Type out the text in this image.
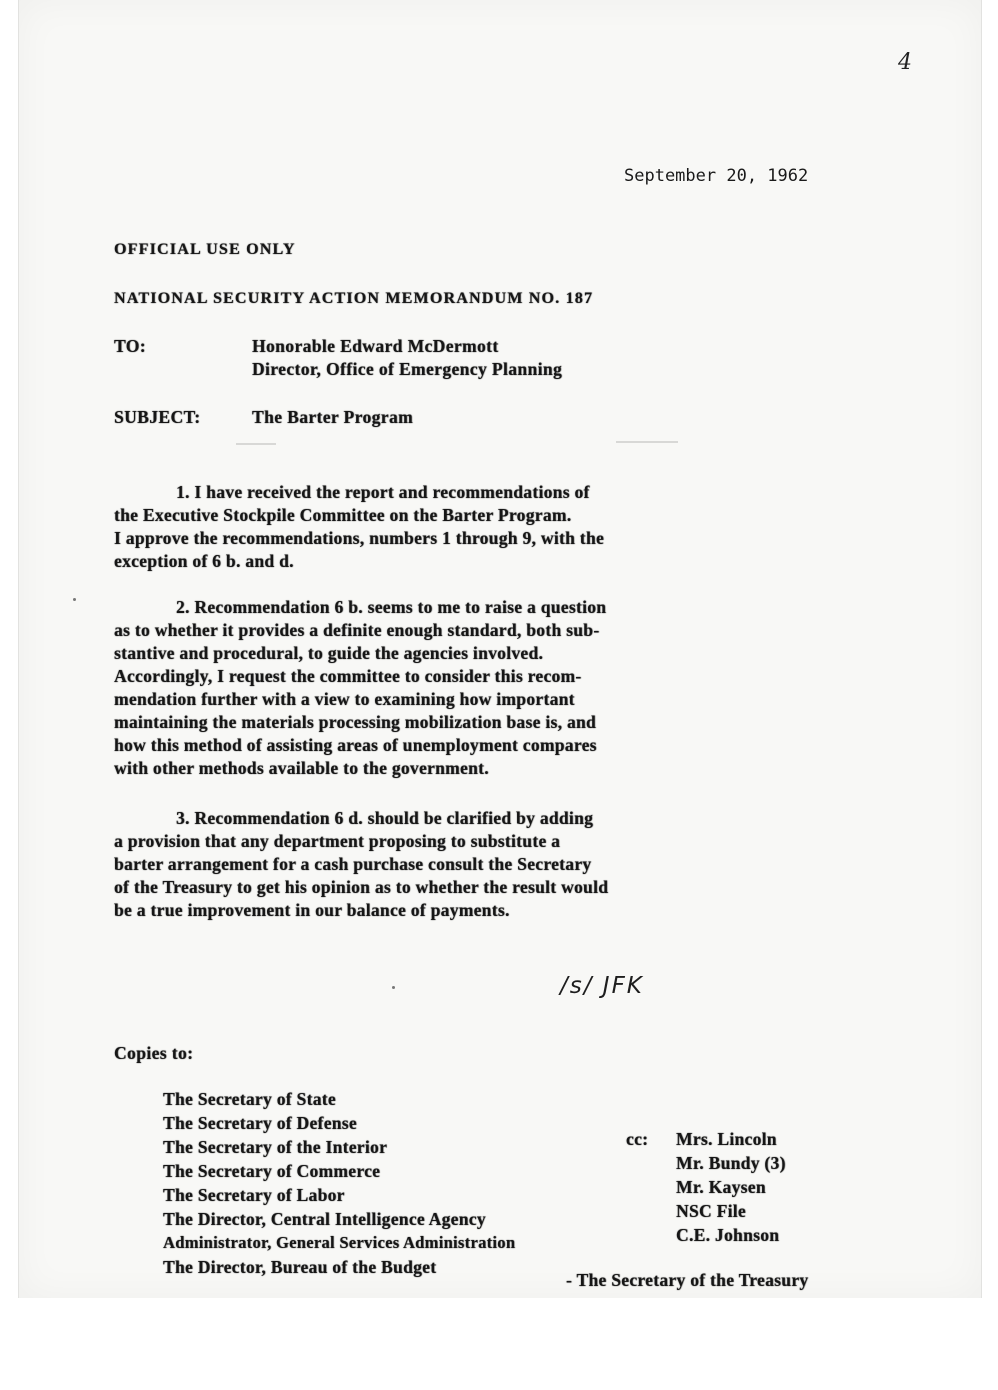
4
September 20, 1962
OFFICIAL USE ONLY
NATIONAL SECURITY ACTION MEMORANDUM NO. 187
TO:	Honorable Edward McDermott
Director, Office of Emergency Planning
SUBJECT:	The Barter Program
1. I have received the report and recommendations of
the Executive Stockpile Committee on the Barter Program.
I approve the recommendations, numbers 1 through 9, with the
exception of 6 b. and d.
2. Recommendation 6 b. seems to me to raise a question
as to whether it provides a definite enough standard, both sub-
stantive and procedural, to guide the agencies involved.
Accordingly, I request the committee to consider this recom-
mendation further with a view to examining how important
maintaining the materials processing mobilization base is, and
how this method of assisting areas of unemployment compares
with other methods available to the government.
3. Recommendation 6 d. should be clarified by adding
a provision that any department proposing to substitute a
barter arrangement for a cash purchase consult the Secretary
of the Treasury to get his opinion as to whether the result would
be a true improvement in our balance of payments.
/s/ JFK
Copies to:
The Secretary of State
The Secretary of Defense
The Secretary of the Interior
The Secretary of Commerce
The Secretary of Labor
The Director, Central Intelligence Agency
Administrator, General Services Administration
The Director, Bureau of the Budget
cc: Mrs. Lincoln
Mr. Bundy (3)
Mr. Kaysen
NSC File
C.E. Johnson
- The Secretary of the Treasury
